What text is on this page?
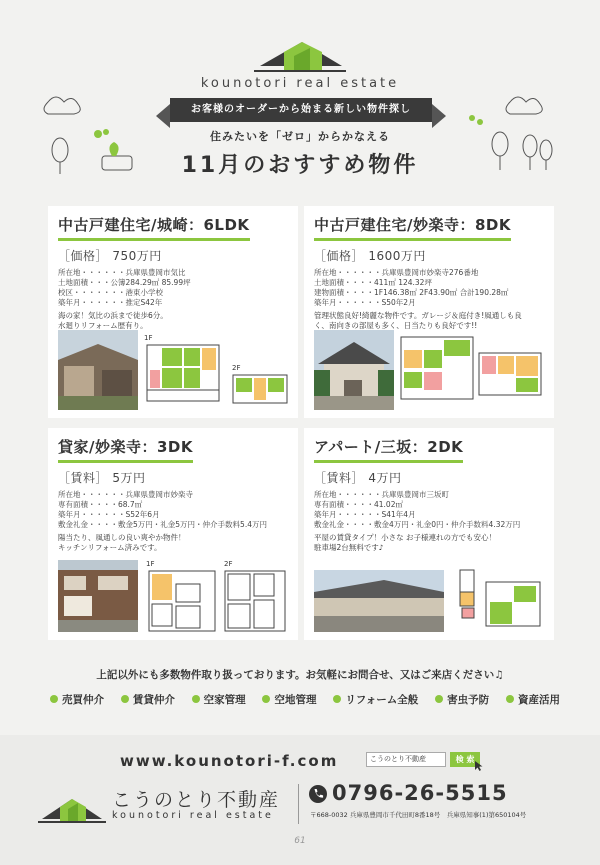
kounotori real estate
お客様のオーダーから始まる新しい物件探し
住みたいを「ゼロ」からかなえる
11月のおすすめ物件
中古戸建住宅/城崎：6LDK
［価格］ 750万円
所在地・・・・・・兵庫県豊岡市気比
土地面積・・・公簿284.29㎡ 85.99坪
校区・・・・・・・港東小学校
築年月・・・・・・推定S42年
海の家！気比の浜まで徒歩6分。
水廻りリフォーム歴有り。
1F
2F
中古戸建住宅/妙楽寺：8DK
［価格］ 1600万円
所在地・・・・・・兵庫県豊岡市妙楽寺276番地
土地面積・・・・411㎡ 124.32坪
建物面積・・・・1F146.38㎡ 2F43.90㎡ 合計190.28㎡
築年月・・・・・・S50年2月
管理状態良好!綺麗な物件です。ガレージ＆庭付き!風通しも良
く、南向きの部屋も多く、日当たりも良好です!!
貸家/妙楽寺：3DK
［賃料］ 5万円
所在地・・・・・・兵庫県豊岡市妙楽寺
専有面積・・・・68.7㎡
築年月・・・・・・S52年6月
敷金礼金・・・・敷金5万円・礼金5万円・仲介手数料5.4万円
陽当たり、風通しの良い爽やか物件！
キッチンリフォーム済みです。
1F	2F
アパート/三坂：2DK
［賃料］ 4万円
所在地・・・・・・兵庫県豊岡市三坂町
専有面積・・・・41.02㎡
築年月・・・・・・S41年4月
敷金礼金・・・・敷金4万円・礼金0円・仲介手数料4.32万円
平屋の賃貸タイプ！小さな お子様連れの方でも安心！
駐車場2台無料です♪
上記以外にも多数物件取り扱っております。お気軽にお問合せ、又はご来店ください♫
売買仲介	賃貸仲介	空家管理	空地管理	リフォーム全般	害虫予防	資産活用
www.kounotori-f.com	こうのとり不動産	検 索
こうのとり不動産
kounotori real estate
0796-26-5515
〒668-0032 兵庫県豊岡市千代田町8番18号　兵庫県知事(1)第650104号
61
